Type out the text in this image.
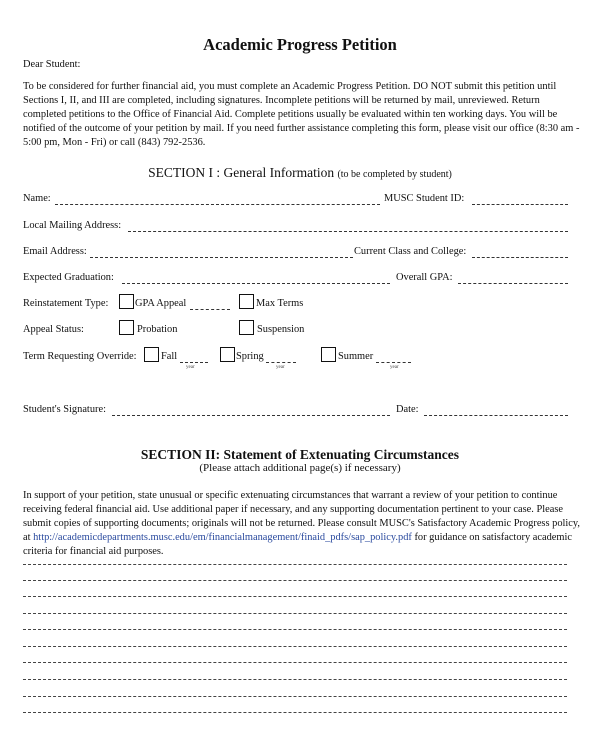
Academic Progress Petition
Dear Student:
To be considered for further financial aid, you must complete an Academic Progress Petition. DO NOT submit this petition until Sections I, II, and III are completed, including signatures. Incomplete petitions will be returned by mail, unreviewed. Return completed petitions to the Office of Financial Aid. Complete petitions usually be evaluated within ten working days. You will be notified of the outcome of your petition by mail. If you need further assistance completing this form, please visit our office (8:30 am - 5:00 pm, Mon - Fri) or call (843) 792-2536.
SECTION I : General Information (to be completed by student)
Name:	MUSC Student ID:
Local Mailing Address:
Email Address:	Current Class and College:
Expected Graduation:	Overall GPA:
Reinstatement Type:	GPA Appeal	Max Terms
Appeal Status:	Probation	Suspension
Term Requesting Override: Fall
year
Spring
year
Summer
year
Student's Signature:	Date:
SECTION II: Statement of Extenuating Circumstances
(Please attach additional page(s) if necessary)
In support of your petition, state unusual or specific extenuating circumstances that warrant a review of your petition to continue receiving federal financial aid. Use additional paper if necessary, and any supporting documentation pertinent to your case. Please submit copies of supporting documents; originals will not be returned. Please consult MUSC's Satisfactory Academic Progress policy, at http://academicdepartments.musc.edu/em/financialmanagement/finaid_pdfs/sap_policy.pdf for guidance on satisfactory academic criteria for financial aid purposes.
